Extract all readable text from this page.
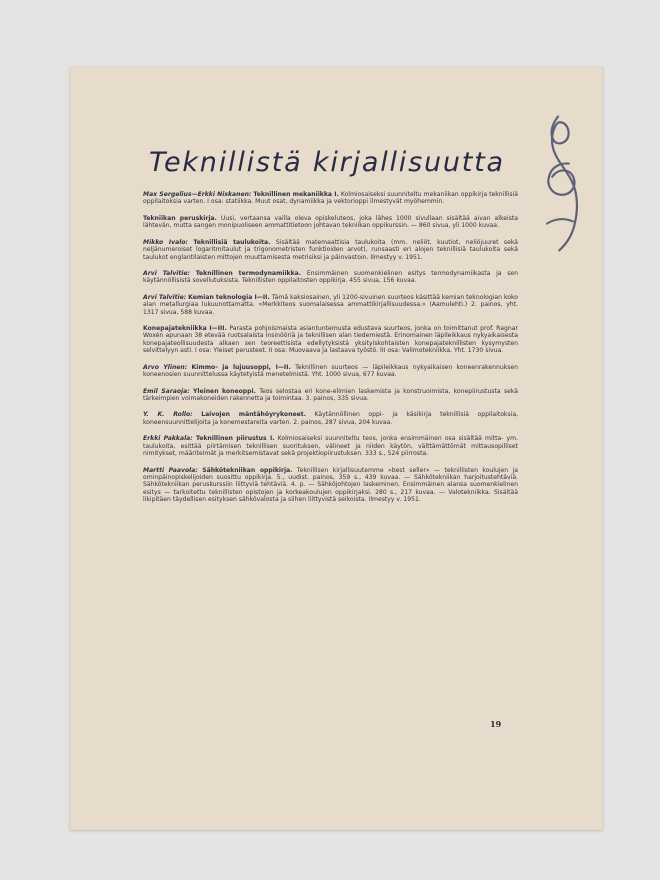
Teknillistä kirjallisuutta

Max Sergelius—Erkki Niskanen: Teknillinen mekaniikka I. Kolmiosaiseksi suunniteltu mekaniikan oppikirja teknillisiä oppilaitoksia varten. I osa: statiikka. Muut osat, dynamiikka ja vektorioppi ilmestyvät myöhemmin.

Tekniikan peruskirja. Uusi, vertaansa vailla oleva opiskeluteos, joka lähes 1000 sivullaan sisältää aivan alkeista lähtevän, mutta sangen monipuoliseen ammattitietoon johtavan tekniikan oppikurssin. — 860 sivua, yli 1000 kuvaa.

Mikko Ivalo: Teknillisiä taulukoita. Sisältää matemaattisia taulukoita (mm. neliöt, kuutiot, neliöjuuret sekä neljänumeroiset logaritmitaulut ja trigonometristen funktioiden arvot), runsaasti eri alojen teknillisiä taulukoita sekä taulukot englantilaisten mittojen muuttamisesta metrisiksi ja päinvastoin. Ilmestyy v. 1951.

Arvi Talvitie: Teknillinen termodynamiikka. Ensimmäinen suomenkielinen esitys termodynamiikasta ja sen käytännöllisistä sovellutuksista. Teknillisten oppilaitosten oppikirja. 455 sivua, 156 kuvaa.

Arvi Talvitie: Kemian teknologia I—II. Tämä kaksiosainen, yli 1200-sivuinen suurteos käsittää kemian teknologian koko alan metallurgiaa lukuunottamatta. »Merkkiteos suomalaisessa ammattikirjallisuudessa.» (Aamulehti.) 2. painos, yht. 1317 sivua, 588 kuvaa.

Konepajatekniikka I—III. Parasta pohjoismaista asiantuntemusta edustava suurteos, jonka on toimittanut prof. Ragnar Woxén apunaan 38 etevää ruotsalaista insinööriä ja teknillisen alan tiedemiestä. Erinomainen läpileikkaus nykyaikaisesta konepajateollisuudesta alkaen sen teoreettisista edellytyksistä yksityiskohtaisten konepajateknillisten kysymysten selvittelyyn asti. I osa: Yleiset perusteet. II osa: Muovaava ja lastaava työstö. III osa: Valimotekniikka. Yht. 1730 sivua.

Arvo Ylinen: Kimmo- ja lujuusoppi, I—II. Teknillinen suurteos — läpileikkaus nykyaikaisen koneenrakennuksen koneenosien suunnittelussa käytetyistä menetelmistä. Yht. 1000 sivua, 677 kuvaa.

Emil Saraoja: Yleinen koneoppi. Teos selostaa eri kone-elimien laskemista ja konstruoimista, konepiirustusta sekä tärkeimpien voimakoneiden rakennetta ja toimintaa. 3. painos, 335 sivua.

Y. K. Rollo: Laivojen mäntähöyrykoneet. Käytännöllinen oppi- ja käsikirja teknillisiä oppilaitoksia, koneensuunnittelijoita ja konemestareita varten. 2. painos, 287 sivua, 204 kuvaa.

Erkki Pakkala: Teknillinen piirustus I. Kolmiosaiseksi suunniteltu teos, jonka ensimmäinen osa sisältää mitta- ym. taulukoita, esittää piirtämisen teknillisen suorituksen, välineet ja niiden käytön, välttämättömät mittausopilliset nimitykset, määritelmät ja merkitsemistavat sekä projektiopiirustuksen. 333 s., 524 piirrosta.

Martti Paavola: Sähkötekniikan oppikirja. Teknillisen kirjallisuutemme »best seller» — teknillisten koulujen ja ominpäinopiskelijoiden suosittu oppikirja. 5., uudist. painos, 359 s., 439 kuvaa. — Sähkötekniikan harjoitustehtäviä. Sähkötekniikan peruskurssiin liittyviä tehtäviä. 4. p. — Sähköjohtojen laskeminen. Ensimmäinen alansa suomenkielinen esitys — tarkoitettu teknillisten opistojen ja korkeakoulujen oppikirjaksi. 280 s., 217 kuvaa. — Valotekniikka. Sisältää likipitäen täydellisen esityksen sähkövalosta ja siihen liittyvistä seikoista. Ilmestyy v. 1951.

19
